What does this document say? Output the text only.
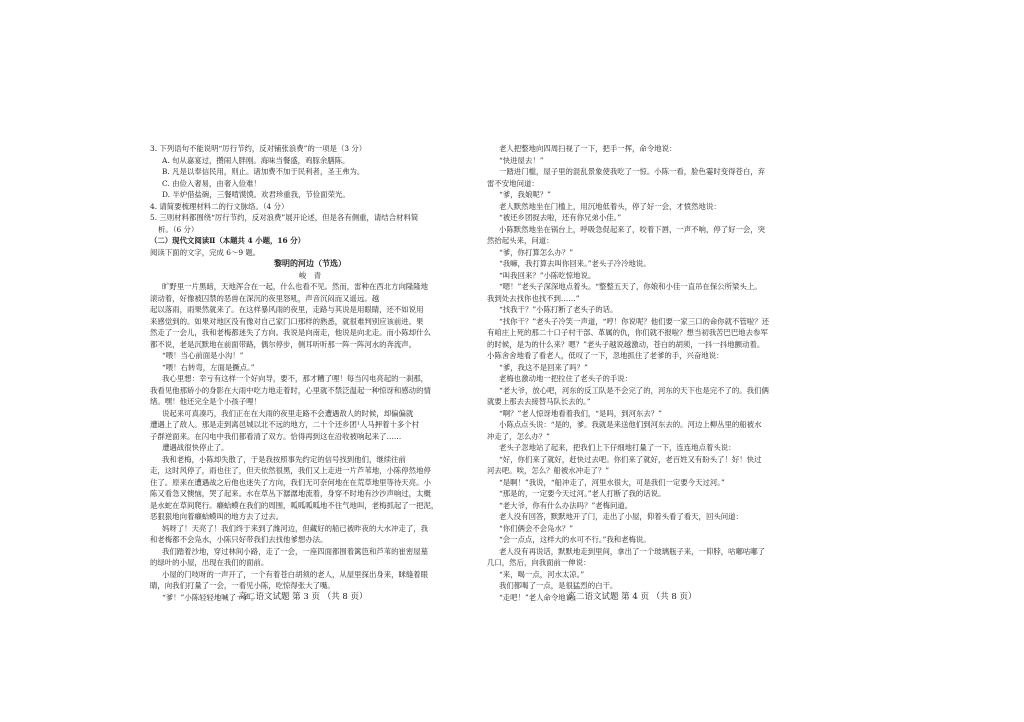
3. 下列语句不能说明“厉行节约，反对铺张浪费”的一项是（3 分）
A. 旬从嘉宴过，攒闹人胖刚。海味当餐盛，鸡豚余膳陈。
B. 凡是以奉信民用，则止。诸加费不加于民利者，圣王弗为。
C. 由俭入奢易，由奢入俭难！
D. 半炉借盐碗，三餐啃馍馍。欢君珍重我，节俭面荣光。
4. 请简要梳理材料二的行文脉络。（4 分）
5. 三则材料都围绕“厉行节约，反对浪费”展开论述，但是各有侧重，请结合材料简
析。（6 分）
（二）现代文阅读Ⅱ（本题共 4 小题，16 分）
阅读下面的文字，完成 6～9 题。
黎明的河边（节选）
峻　青
旷野里一片黑暗，天地浑合在一起，什么也看不见。然而，雷种在西北方向隆隆地
滚动着，好像被囚禁的恶兽在深沉的夜里怒吼，声音沉闷而又遥远。越
起以落雨，雨果然就来了。在这样暴风雨的夜里，走路与其说是用眼睛，还不如说用
来感觉到的。如果对地区没有像对自己家门口那样的熟悉，就很难判别应该前进。果
然走了一会儿，我和老梅都迷失了方向。我说是向南走，他说是向北走。而小陈却什么
都不说，老是沉默地在前面带路，偶尔停步，侧耳听听那一阵一阵河水的奔流声。
“喂！当心前面是小沟！”
“喂！右转弯，左面是撅点。”
我心里想：幸亏有这样一个好向导，要不，那才糟了哩！每当闪电亮起的一刹那，
我看见他那矫小的身影在大雨中吃力地走着时，心里就不禁泛温起一种惊讶和感动的情
绪。嘿！他还完全是个小孩子哩！
说起来可真凑巧，我们正在在大雨的夜里走路不会遭遇敌人的时候，却偏偏就
遭遇上了敌人。那是走到离邑城以北不远的地方，二十个还乡团¹人马押着十多个村
子群逆面来。在闪电中我们都看清了双方。恰得再到这在沿收被响起来了……
遭遇战很快停止了。
我和老梅，小陈却失散了，于是我按照事先约定的信号找到他们，继续往前
走，这时风停了，雨也住了，但天依然很黑，我们又上走进一片芦苇地，小陈停然地停
住了。原来在遭遇战之后他也迷失了方向，我们无可奈何地在在荒草地里等待天亮。小
陈又看急又懊恼，哭了起来。水在草丛下潺潺地流着，身穿不时地有沙沙声响过，太概
是水蛇在草间爬行。癞蛤蟆在我们的周围，呱呱呱呱地不住气地叫，老梅抓起了一把泥，
恶狠狠地向着癞蛤蟆叫的地方去了过去。
妈呀了！天亮了！我们终于来到了潍河边，但藏好的船已被昨夜的大水冲走了，我
和老梅都不会凫水，小陈只好带我们去找他爹想办法。
我们踏着沙地，穿过林间小路，走了一会，一座四面都围着篱笆和芦苇的崔密屋墓
的绿叶的小屋，出现在我们的面前。
小屋的门吱呀的一声开了，一个有着苍白胡须的老人，从屋里探出身来，眯缝着眼
睛，向我们打量了一会，一看见小陈，吃惊得张大了嘴。
“爹！”小陈轻轻地喊了一声。
高二语文试题 第 3 页 （共 8 页）
老人把整地向四周扫视了一下，把手一挥，命令地说：
“快进屋去！”
一踏进门槛，屋子里的混乱景象使我吃了一惊。小陈一看，脸色霎时变得苍白，弃
雷不安地问道：
“爹，我娘呢？”
老人默然地坐在门槛上，用沉地低着头，停了好一会，才愤然地说：
“被还乡团捉去啦，还有你兄弟小佳。”
小陈默然地坐在锅台上，呼吸急促起来了，咬着下唇，一声不响，停了好一会，突
然抬起头来，问道：
“爹，你打算怎么办？”
“我嘛，我打算去叫你回来。”老头子冷冷地说。
“叫我回来？”小陈吃惊地说。
“嗯！”老头子深深地点着头。“整整五天了，你娘和小佳一直吊在保公所梁头上。
我到处去找你也找不到……”
“找我干？”小陈打断了老头子的话。
“找你干？”老头子冷笑一声道，“哼！你说呢？他们要一家三口的命你就不管啦？还
有咱庄上死的那二十口子村干部、革属的仇，你们就不报啦？想当初我苦巴巴地去参军
的时候，是为的什么来？嗯？”老头子越说越激动，苍白的胡须，一抖一抖地颤动着。
小陈舍舍地看了看老人，低叹了一下，忽地抓住了老爹的手，兴奋地说：
“爹，我这不是回来了吗？”
老梅也激动地一把拉住了老头子的手说：
“老大爷，放心吧，河东的反工队是不会完了的，河东的天下也是完不了的。我们俩
就要上那去去接替马队长去的。”
“啊？”老人惊讶地看着我们，“是吗，到河东去？”
小陈点点头说：“是的，爹。我就是来送他们到河东去的。河边上柳丛里的船被水
冲走了，怎么办？”
老头子忽地站了起来，把我们上下仔细地打量了一下，连连地点着头说：
“好，你们来了就好，赶快过去吧。你们来了就好，老百姓又有盼头了！好！快过
河去吧。唉，怎么？船被水冲走了？”
“是啊！”我说，“船冲走了，河里水很大，可是我们一定要今天过河。”
“那是的，一定要今天过河。”老人打断了我的话说。
“老大爷，你有什么办法吗？”老梅问道。
老人没有回答，默默地开了门，走出了小屋，仰着头看了看天，回头问道：
“你们俩会不会凫水？”
“会一点点，这样大的水可不行。”我和老梅说。
老人没有再说话，默默地走到里间，拿出了一个玻璃瓶子来，一仰脖，咕嘟咕嘟了
几口，然后，向我面前一伸说：
“来，喝一点，河水太凉。”
我们都喝了一点，是很猛烈的白干。
“走吧！”老人命令地说。
高二语文试题 第 4 页 （共 8 页）
